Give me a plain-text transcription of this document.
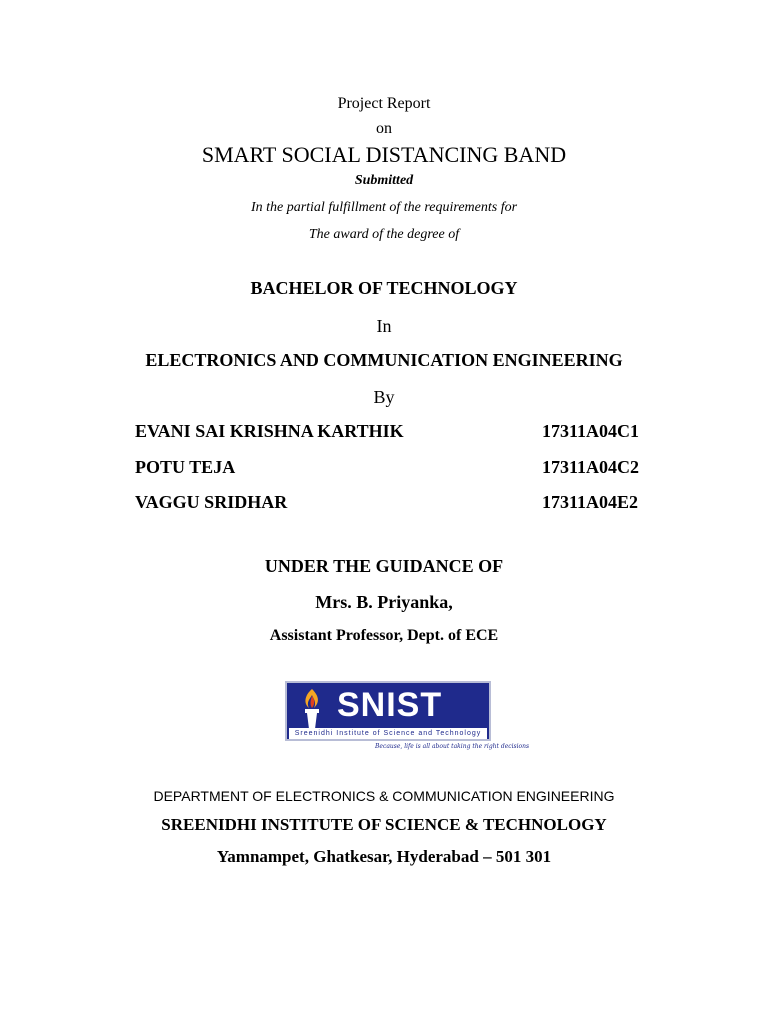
Project Report
on
SMART SOCIAL DISTANCING BAND
Submitted
In the partial fulfillment of the requirements for
The award of the degree of
BACHELOR OF TECHNOLOGY
In
ELECTRONICS AND COMMUNICATION ENGINEERING
By
EVANI SAI KRISHNA KARTHIK	17311A04C1
POTU TEJA	17311A04C2
VAGGU SRIDHAR	17311A04E2
UNDER THE GUIDANCE OF
Mrs. B. Priyanka,
Assistant Professor, Dept. of ECE
SNIST
Sreenidhi Institute of Science and Technology
Because, life is all about taking the right decisions
DEPARTMENT OF ELECTRONICS & COMMUNICATION ENGINEERING
SREENIDHI INSTITUTE OF SCIENCE & TECHNOLOGY
Yamnampet, Ghatkesar, Hyderabad – 501 301
